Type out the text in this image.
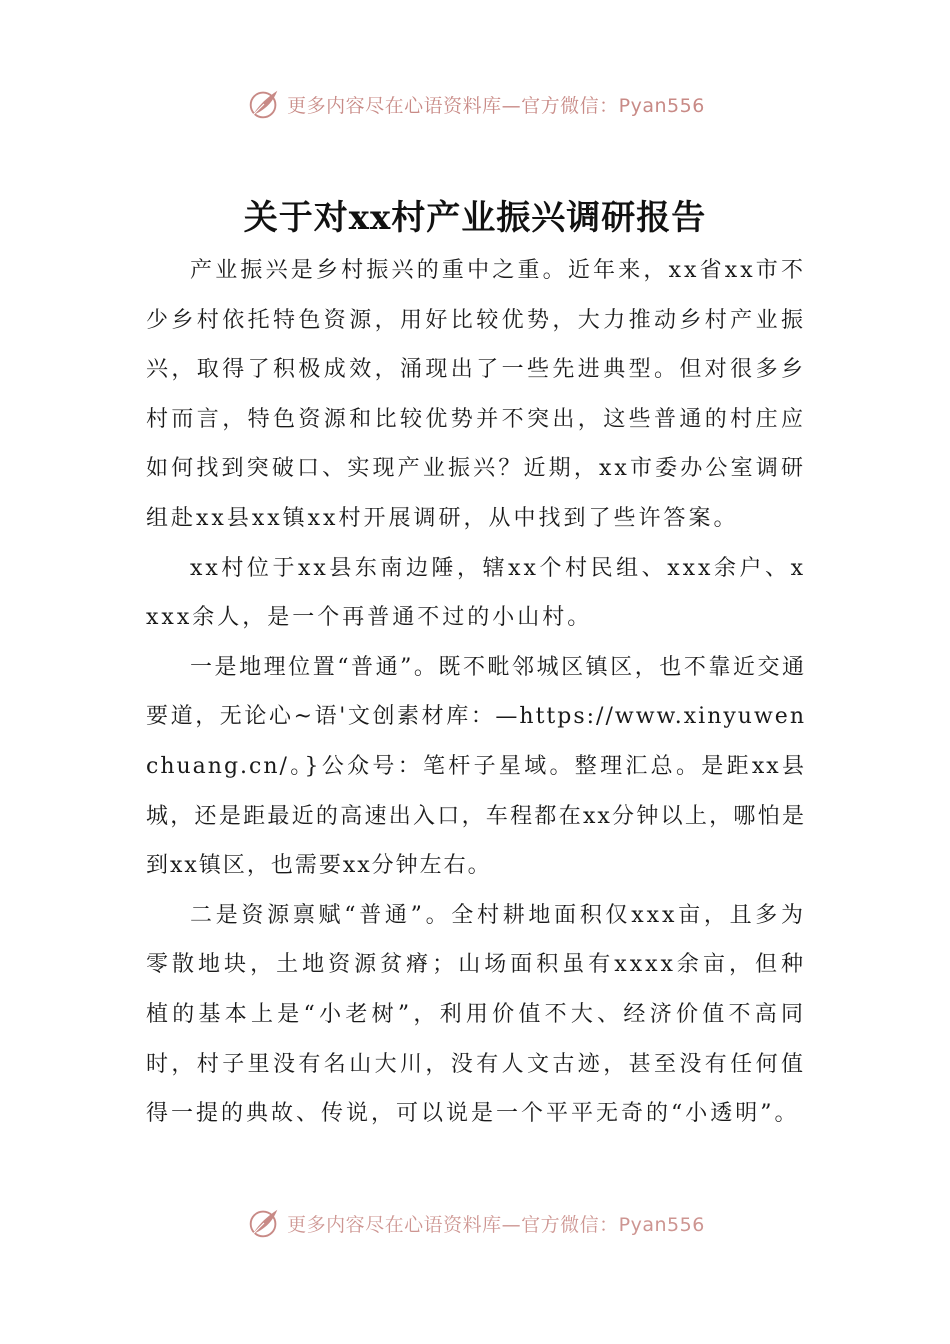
更多内容尽在心语资料库—官方微信：Pyan556
关于对xx村产业振兴调研报告

产业振兴是乡村振兴的重中之重。近年来，xx省xx市不少乡村依托特色资源，用好比较优势，大力推动乡村产业振兴，取得了积极成效，涌现出了一些先进典型。但对很多乡村而言，特色资源和比较优势并不突出，这些普通的村庄应如何找到突破口、实现产业振兴？近期，xx市委办公室调研组赴xx县xx镇xx村开展调研，从中找到了些许答案。

xx村位于xx县东南边陲，辖xx个村民组、xxx余户、xxxx余人，是一个再普通不过的小山村。

一是地理位置“普通”。既不毗邻城区镇区，也不靠近交通要道，无论心~语'文创素材库：—https://www.xinyuwenchuang.cn/。}公众号：笔杆子星域。整理汇总。是距xx县城，还是距最近的高速出入口，车程都在xx分钟以上，哪怕是到xx镇区，也需要xx分钟左右。

二是资源禀赋“普通”。全村耕地面积仅xxx亩，且多为零散地块，土地资源贫瘠；山场面积虽有xxxx余亩，但种植的基本上是“小老树”，利用价值不大、经济价值不高同时，村子里没有名山大川，没有人文古迹，甚至没有任何值得一提的典故、传说，可以说是一个平平无奇的“小透明”。

更多内容尽在心语资料库—官方微信：Pyan556
